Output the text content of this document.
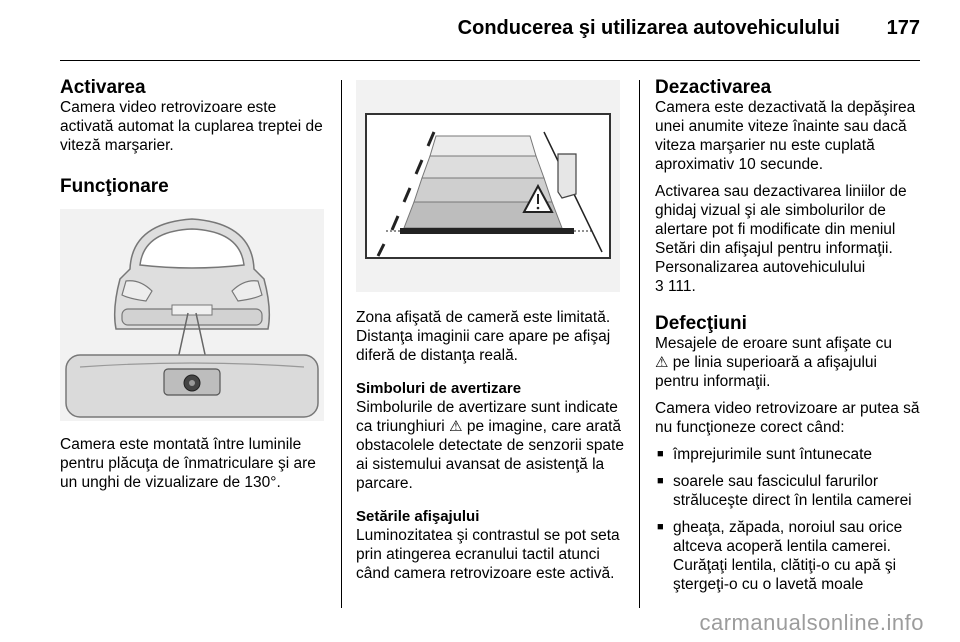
Conducerea şi utilizarea autovehiculului 177
Activarea
Camera video retrovizoare este activată automat la cuplarea treptei de viteză marşarier.
Funcţionare
Camera este montată între luminile pentru plăcuţa de înmatriculare şi are un unghi de vizualizare de 130°.
Zona afişată de cameră este limitată. Distanţa imaginii care apare pe afişaj diferă de distanţa reală.
Simboluri de avertizare
Simbolurile de avertizare sunt indicate ca triunghiuri ⚠ pe imagine, care arată obstacolele detectate de senzorii spate ai sistemului avansat de asistenţă la parcare.
Setările afişajului
Luminozitatea şi contrastul se pot seta prin atingerea ecranului tactil atunci când camera retrovizoare este activă.
Dezactivarea
Camera este dezactivată la depăşirea unei anumite viteze înainte sau dacă viteza marşarier nu este cuplată aproximativ 10 secunde.
Activarea sau dezactivarea liniilor de ghidaj vizual şi ale simbolurilor de alertare pot fi modificate din meniul Setări din afişajul pentru informaţii. Personalizarea autovehiculului
3 111.
Defecţiuni
Mesajele de eroare sunt afişate cu
⚠ pe linia superioară a afişajului pentru informaţii.
Camera video retrovizoare ar putea să nu funcţioneze corect când:
■ împrejurimile sunt întunecate
■ soarele sau fasciculul farurilor străluceşte direct în lentila camerei
■ gheaţa, zăpada, noroiul sau orice altceva acoperă lentila camerei. Curăţaţi lentila, clătiţi-o cu apă şi ştergeţi-o cu o lavetă moale
carmanualsonline.info
